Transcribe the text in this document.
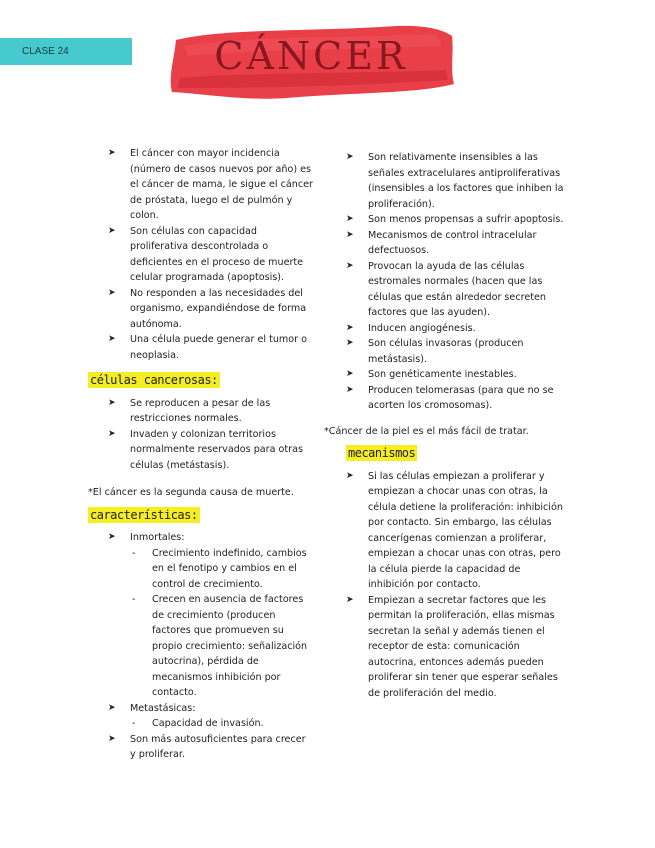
CLASE 24	CÁNCER
➤ El cáncer con mayor incidencia (número de casos nuevos por año) es el cáncer de mama, le sigue el cáncer de próstata, luego el de pulmón y colon.
➤ Son células con capacidad proliferativa descontrolada o deficientes en el proceso de muerte celular programada (apoptosis).
➤ No responden a las necesidades del organismo, expandiéndose de forma autónoma.
➤ Una célula puede generar el tumor o neoplasia.
células cancerosas:
➤ Se reproducen a pesar de las restricciones normales.
➤ Invaden y colonizan territorios normalmente reservados para otras células (metástasis).
*El cáncer es la segunda causa de muerte.
características:
➤ Inmortales:
- Crecimiento indefinido, cambios en el fenotipo y cambios en el control de crecimiento.
- Crecen en ausencia de factores de crecimiento (producen factores que promueven su propio crecimiento: señalización autocrina), pérdida de mecanismos inhibición por contacto.
➤ Metastásicas:
- Capacidad de invasión.
➤ Son más autosuficientes para crecer y proliferar.
➤ Son relativamente insensibles a las señales extracelulares antiproliferativas (insensibles a los factores que inhiben la proliferación).
➤ Son menos propensas a sufrir apoptosis.
➤ Mecanismos de control intracelular defectuosos.
➤ Provocan la ayuda de las células estromales normales (hacen que las células que están alrededor secreten factores que las ayuden).
➤ Inducen angiogénesis.
➤ Son células invasoras (producen metástasis).
➤ Son genéticamente inestables.
➤ Producen telomerasas (para que no se acorten los cromosomas).
*Cáncer de la piel es el más fácil de tratar.
mecanismos
➤ Si las células empiezan a proliferar y empiezan a chocar unas con otras, la célula detiene la proliferación: inhibición por contacto. Sin embargo, las células cancerígenas comienzan a proliferar, empiezan a chocar unas con otras, pero la célula pierde la capacidad de inhibición por contacto.
➤ Empiezan a secretar factores que les permitan la proliferación, ellas mismas secretan la señal y además tienen el receptor de esta: comunicación autocrina, entonces además pueden proliferar sin tener que esperar señales de proliferación del medio.
